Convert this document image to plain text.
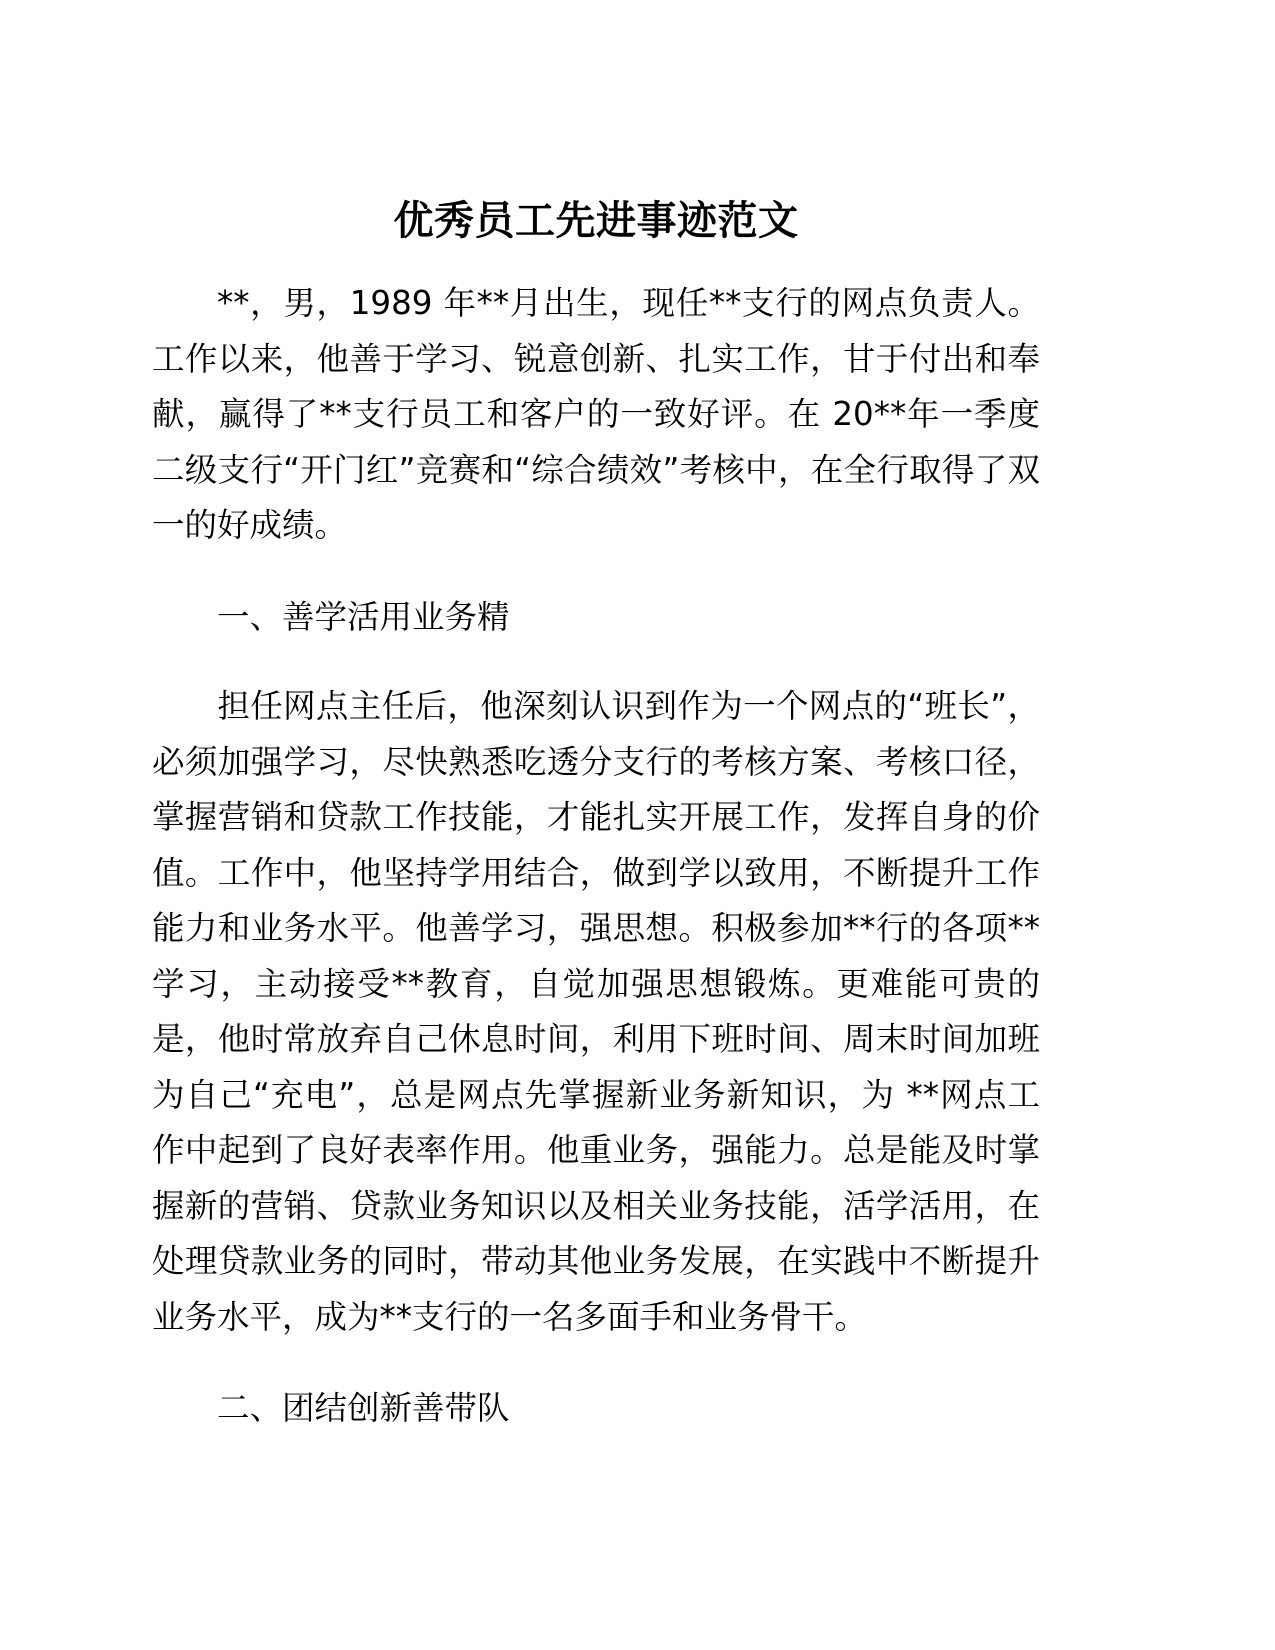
优秀员工先进事迹范文

**，男，1989 年**月出生，现任**支行的网点负责人。工作以来，他善于学习、锐意创新、扎实工作，甘于付出和奉献，赢得了**支行员工和客户的一致好评。在 20**年一季度二级支行“开门红”竞赛和“综合绩效”考核中，在全行取得了双一的好成绩。

一、善学活用业务精

担任网点主任后，他深刻认识到作为一个网点的“班长”，必须加强学习，尽快熟悉吃透分支行的考核方案、考核口径，掌握营销和贷款工作技能，才能扎实开展工作，发挥自身的价值。工作中，他坚持学用结合，做到学以致用，不断提升工作能力和业务水平。他善学习，强思想。积极参加**行的各项**学习，主动接受**教育，自觉加强思想锻炼。更难能可贵的是，他时常放弃自己休息时间，利用下班时间、周末时间加班为自己“充电”，总是网点先掌握新业务新知识，为 **网点工作中起到了良好表率作用。他重业务，强能力。总是能及时掌握新的营销、贷款业务知识以及相关业务技能，活学活用，在处理贷款业务的同时，带动其他业务发展，在实践中不断提升业务水平，成为**支行的一名多面手和业务骨干。

二、团结创新善带队
